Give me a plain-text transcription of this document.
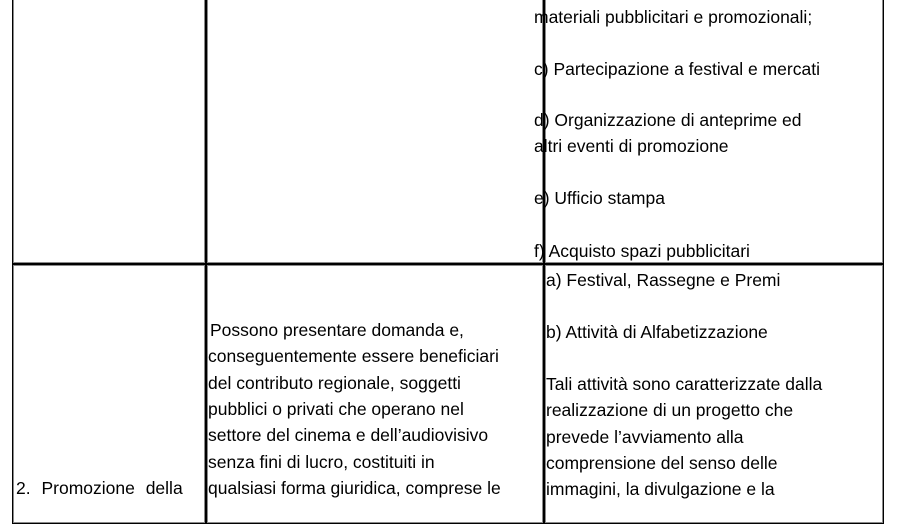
materiali pubblicitari e promozionali;
c) Partecipazione a festival e mercati
d) Organizzazione di anteprime ed
altri eventi di promozione
e) Ufficio stampa
f) Acquisto spazi pubblicitari
2. Promozione della
Possono presentare domanda e,
conseguentemente essere beneficiari
del contributo regionale, soggetti
pubblici o privati che operano nel
settore del cinema e dell’audiovisivo
senza fini di lucro, costituiti in
qualsiasi forma giuridica, comprese le
a) Festival, Rassegne e Premi
b) Attività di Alfabetizzazione
Tali attività sono caratterizzate dalla
realizzazione di un progetto che
prevede l’avviamento alla
comprensione del senso delle
immagini, la divulgazione e la
